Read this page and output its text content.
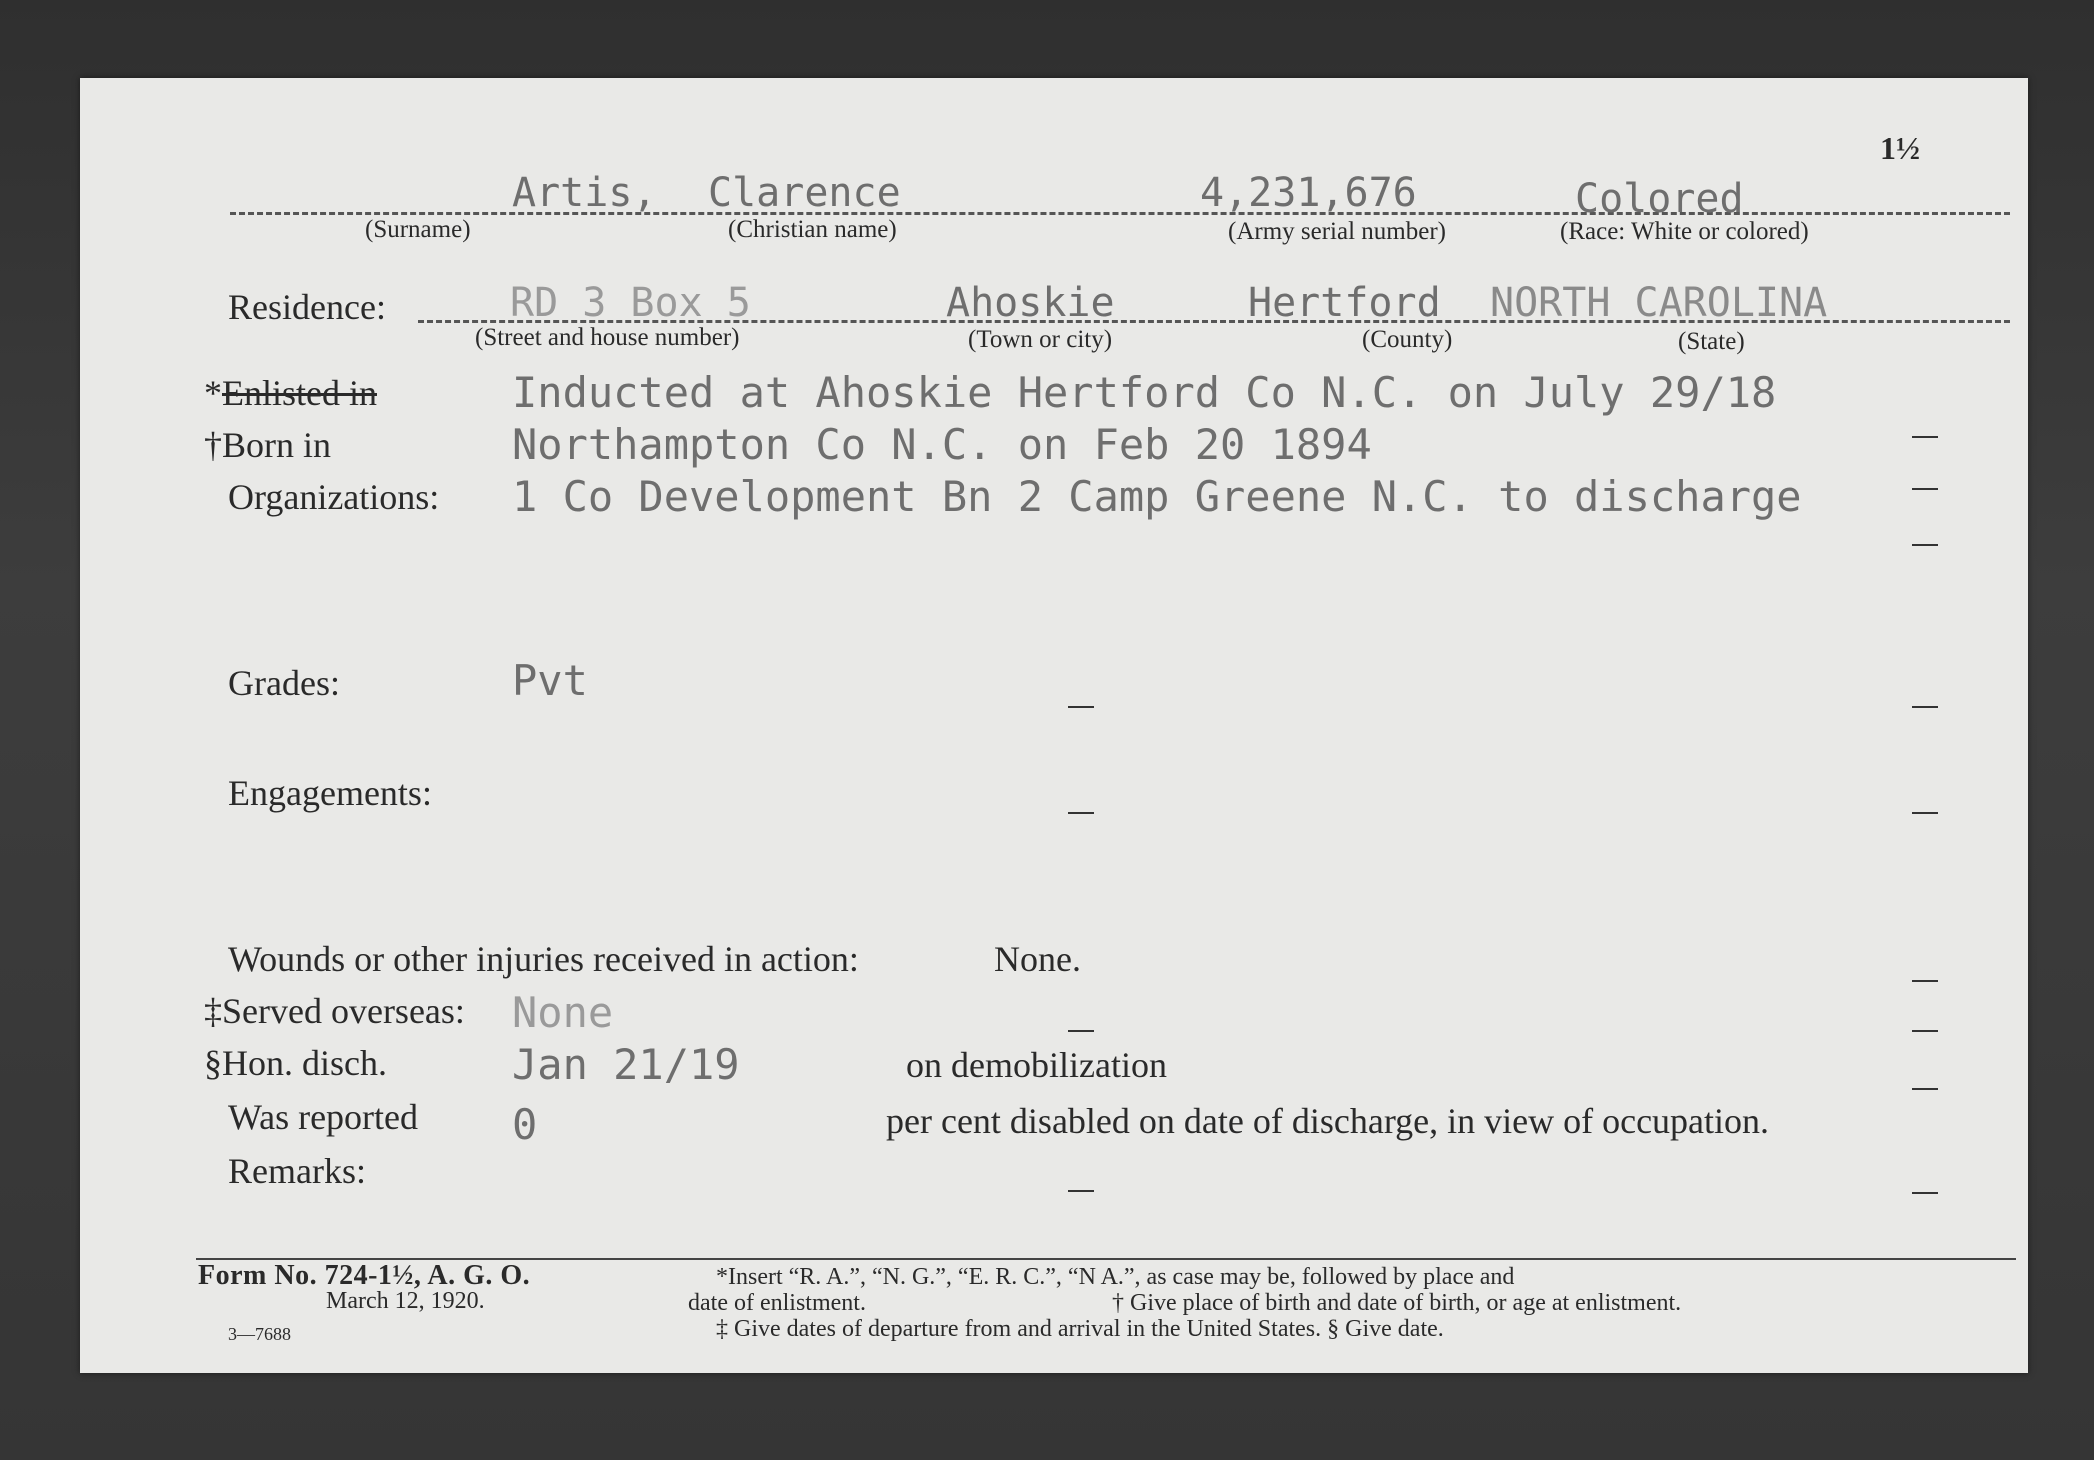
1½
Artis, Clarence	4,231,676	Colored
(Surname)	(Christian name)	(Army serial number)	(Race: White or colored)
Residence:	RD 3 Box 5	Ahoskie	Hertford NORTH CAROLINA
(Street and house number)	(Town or city)	(County)	(State)
*Enlisted in	Inducted at Ahoskie Hertford Co N.C. on July 29/18
†Born in	Northampton Co N.C. on Feb 20 1894
Organizations: 1 Co Development Bn 2 Camp Greene N.C. to discharge
Grades:	Pvt
Engagements:
Wounds or other injuries received in action:	None.
‡Served overseas: None
§Hon. disch.	Jan 21/19	on demobilization
Was reported 0	per cent disabled on date of discharge, in view of occupation.
Remarks:
Form No. 724-1½, A. G. O.
March 12, 1920.
3—7688
*Insert “R. A.”, “N. G.”, “E. R. C.”, “N A.”, as case may be, followed by place and
date of enlistment.	† Give place of birth and date of birth, or age at enlistment.
‡ Give dates of departure from and arrival in the United States. § Give date.
